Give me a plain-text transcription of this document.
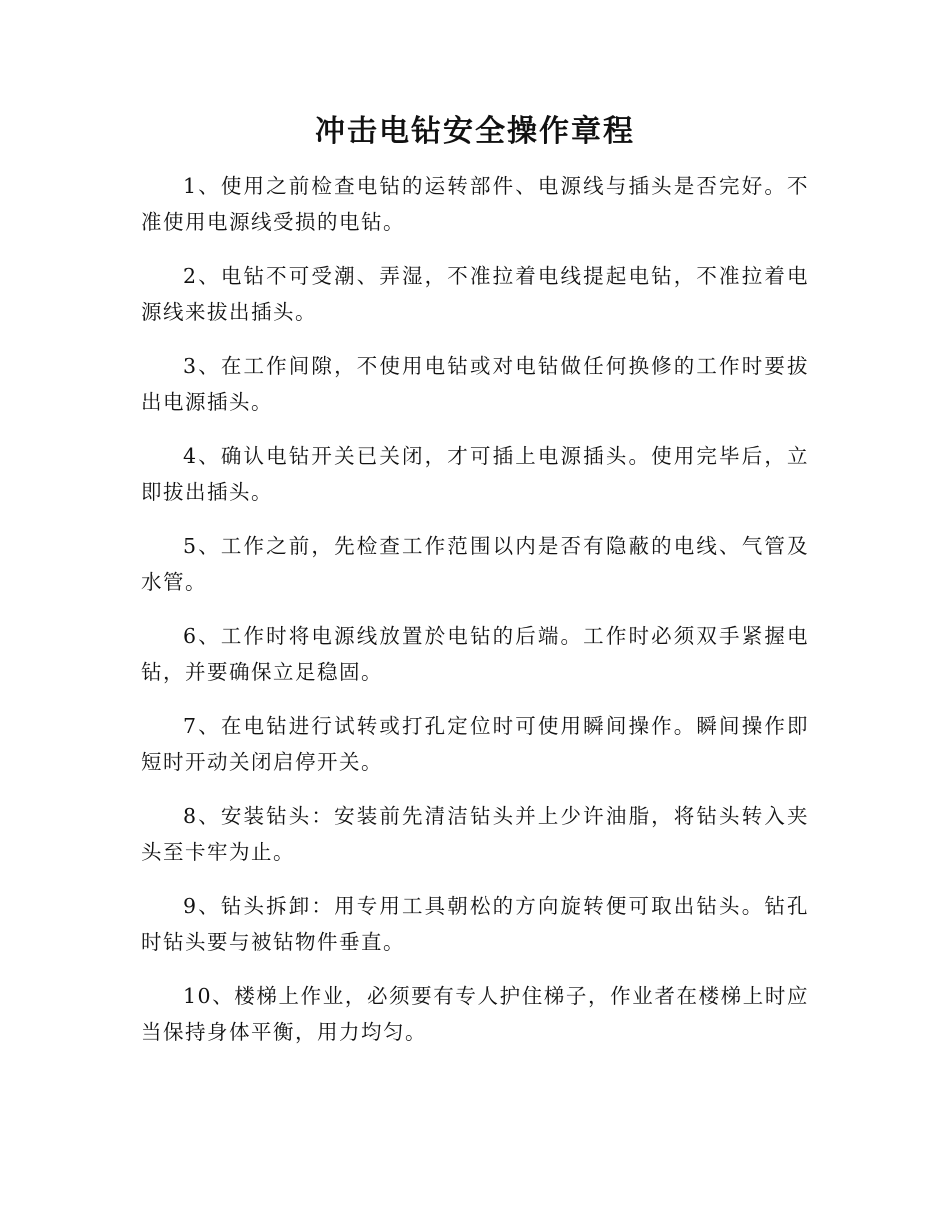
冲击电钻安全操作章程

1、使用之前检查电钻的运转部件、电源线与插头是否完好。不准使用电源线受损的电钻。

2、电钻不可受潮、弄湿，不准拉着电线提起电钻，不准拉着电源线来拔出插头。

3、在工作间隙，不使用电钻或对电钻做任何换修的工作时要拔出电源插头。

4、确认电钻开关已关闭，才可插上电源插头。使用完毕后，立即拔出插头。

5、工作之前，先检查工作范围以内是否有隐蔽的电线、气管及水管。

6、工作时将电源线放置於电钻的后端。工作时必须双手紧握电钻，并要确保立足稳固。

7、在电钻进行试转或打孔定位时可使用瞬间操作。瞬间操作即短时开动关闭启停开关。

8、安装钻头：安装前先清洁钻头并上少许油脂，将钻头转入夹头至卡牢为止。

9、钻头拆卸：用专用工具朝松的方向旋转便可取出钻头。钻孔时钻头要与被钻物件垂直。

10、楼梯上作业，必须要有专人护住梯子，作业者在楼梯上时应当保持身体平衡，用力均匀。
